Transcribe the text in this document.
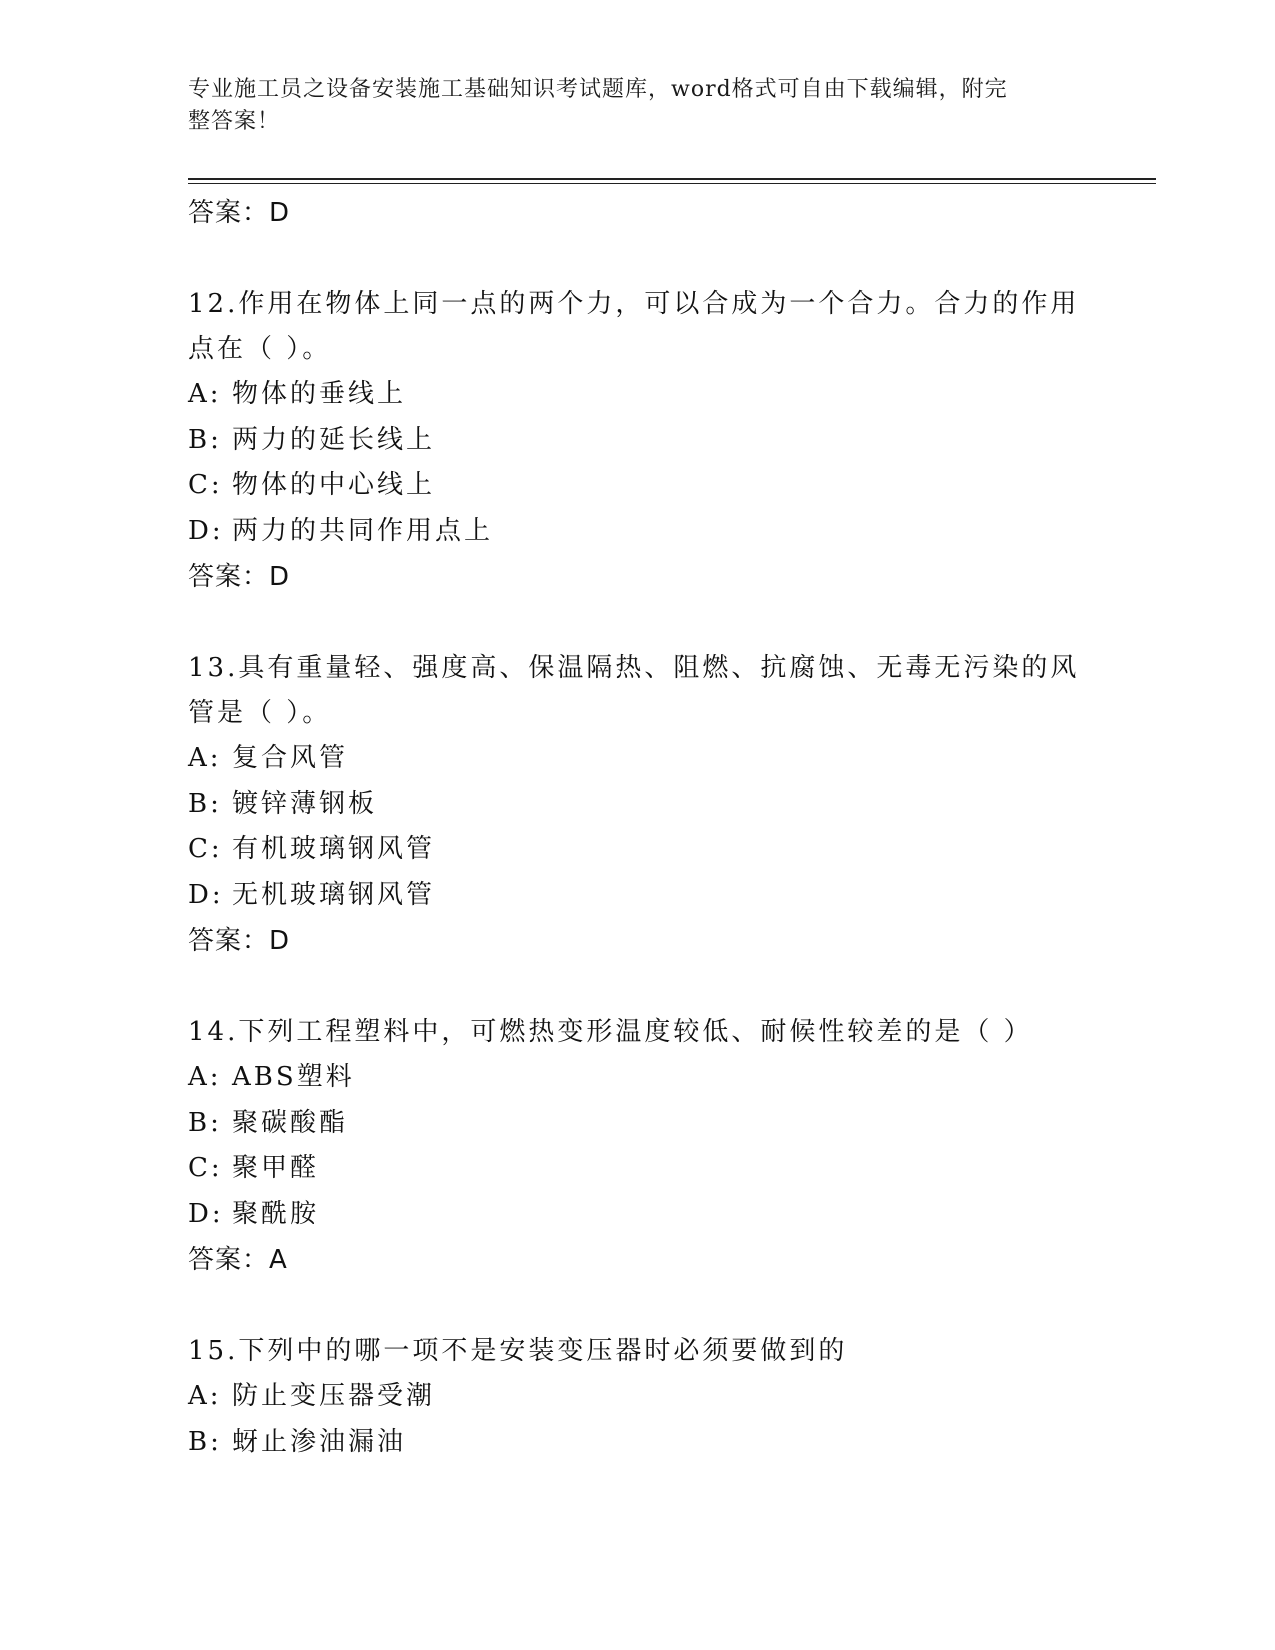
专业施工员之设备安装施工基础知识考试题库，word格式可自由下载编辑，附完
整答案！
答案：D
12.作用在物体上同一点的两个力，可以合成为一个合力。合力的作用
点在（ ）。
A: 物体的垂线上
B: 两力的延长线上
C: 物体的中心线上
D: 两力的共同作用点上
答案：D
13.具有重量轻、强度高、保温隔热、阻燃、抗腐蚀、无毒无污染的风
管是（ ）。
A: 复合风管
B: 镀锌薄钢板
C: 有机玻璃钢风管
D: 无机玻璃钢风管
答案：D
14.下列工程塑料中，可燃热变形温度较低、耐候性较差的是（ ）
A: ABS塑料
B: 聚碳酸酯
C: 聚甲醛
D: 聚酰胺
答案：A
15.下列中的哪一项不是安装变压器时必须要做到的
A: 防止变压器受潮
B: 蚜止渗油漏油
